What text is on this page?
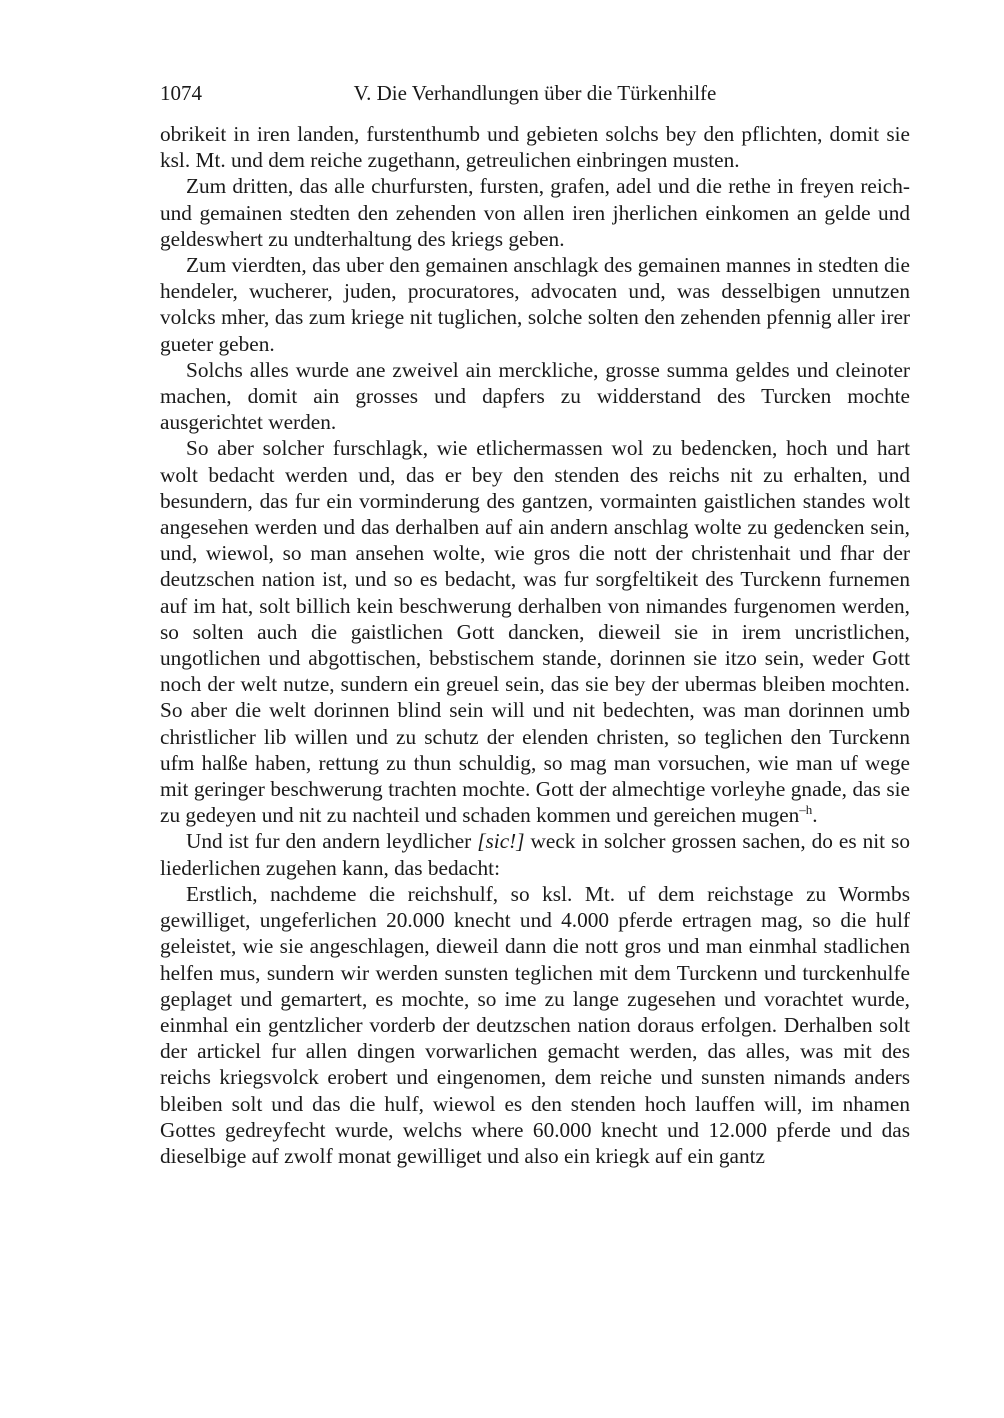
1074	V. Die Verhandlungen über die Türkenhilfe

obrikeit in iren landen, furstenthumb und gebieten solchs bey den pflichten, domit sie ksl. Mt. und dem reiche zugethann, getreulichen einbringen musten.

Zum dritten, das alle churfursten, fursten, grafen, adel und die rethe in freyen reich- und gemainen stedten den zehenden von allen iren jherlichen einkomen an gelde und geldeswhert zu undterhaltung des kriegs geben.

Zum vierdten, das uber den gemainen anschlagk des gemainen mannes in stedten die hendeler, wucherer, juden, procuratores, advocaten und, was desselbigen unnutzen volcks mher, das zum kriege nit tuglichen, solche solten den zehenden pfennig aller irer gueter geben.

Solchs alles wurde ane zweivel ain merckliche, grosse summa geldes und cleinoter machen, domit ain grosses und dapfers zu widderstand des Turcken mochte ausgerichtet werden.

So aber solcher furschlagk, wie etlichermassen wol zu bedencken, hoch und hart wolt bedacht werden und, das er bey den stenden des reichs nit zu erhalten, und besundern, das fur ein vorminderung des gantzen, vormainten gaistlichen standes wolt angesehen werden und das derhalben auf ain andern anschlag wolte zu gedencken sein, und, wiewol, so man ansehen wolte, wie gros die nott der christenhait und fhar der deutzschen nation ist, und so es bedacht, was fur sorgfeltikeit des Turckenn furnemen auf im hat, solt billich kein beschwerung derhalben von nimandes furgenomen werden, so solten auch die gaistlichen Gott dancken, dieweil sie in irem uncristlichen, ungotlichen und abgottischen, bebstischem stande, dorinnen sie itzo sein, weder Gott noch der welt nutze, sundern ein greuel sein, das sie bey der ubermas bleiben mochten. So aber die welt dorinnen blind sein will und nit bedechten, was man dorinnen umb christlicher lib willen und zu schutz der elenden christen, so teglichen den Turckenn ufm halße haben, rettung zu thun schuldig, so mag man vorsuchen, wie man uf wege mit geringer beschwerung trachten mochte. Gott der almechtige vorleyhe gnade, das sie zu gedeyen und nit zu nachteil und schaden kommen und gereichen mugen$^{-h}$.

Und ist fur den andern leydlicher [sic!] weck in solcher grossen sachen, do es nit so liederlichen zugehen kann, das bedacht:

Erstlich, nachdeme die reichshulf, so ksl. Mt. uf dem reichstage zu Wormbs gewilliget, ungeferlichen 20.000 knecht und 4.000 pferde ertragen mag, so die hulf geleistet, wie sie angeschlagen, dieweil dann die nott gros und man einmhal stadlichen helfen mus, sundern wir werden sunsten teglichen mit dem Turckenn und turckenhulfe geplaget und gemartert, es mochte, so ime zu lange zugesehen und vorachtet wurde, einmhal ein gentzlicher vorderb der deutzschen nation doraus erfolgen. Derhalben solt der artickel fur allen dingen vorwarlichen gemacht werden, das alles, was mit des reichs kriegsvolck erobert und eingenomen, dem reiche und sunsten nimands anders bleiben solt und das die hulf, wiewol es den stenden hoch lauffen will, im nhamen Gottes gedreyfecht wurde, welchs where 60.000 knecht und 12.000 pferde und das dieselbige auf zwolf monat gewilliget und also ein kriegk auf ein gantz
